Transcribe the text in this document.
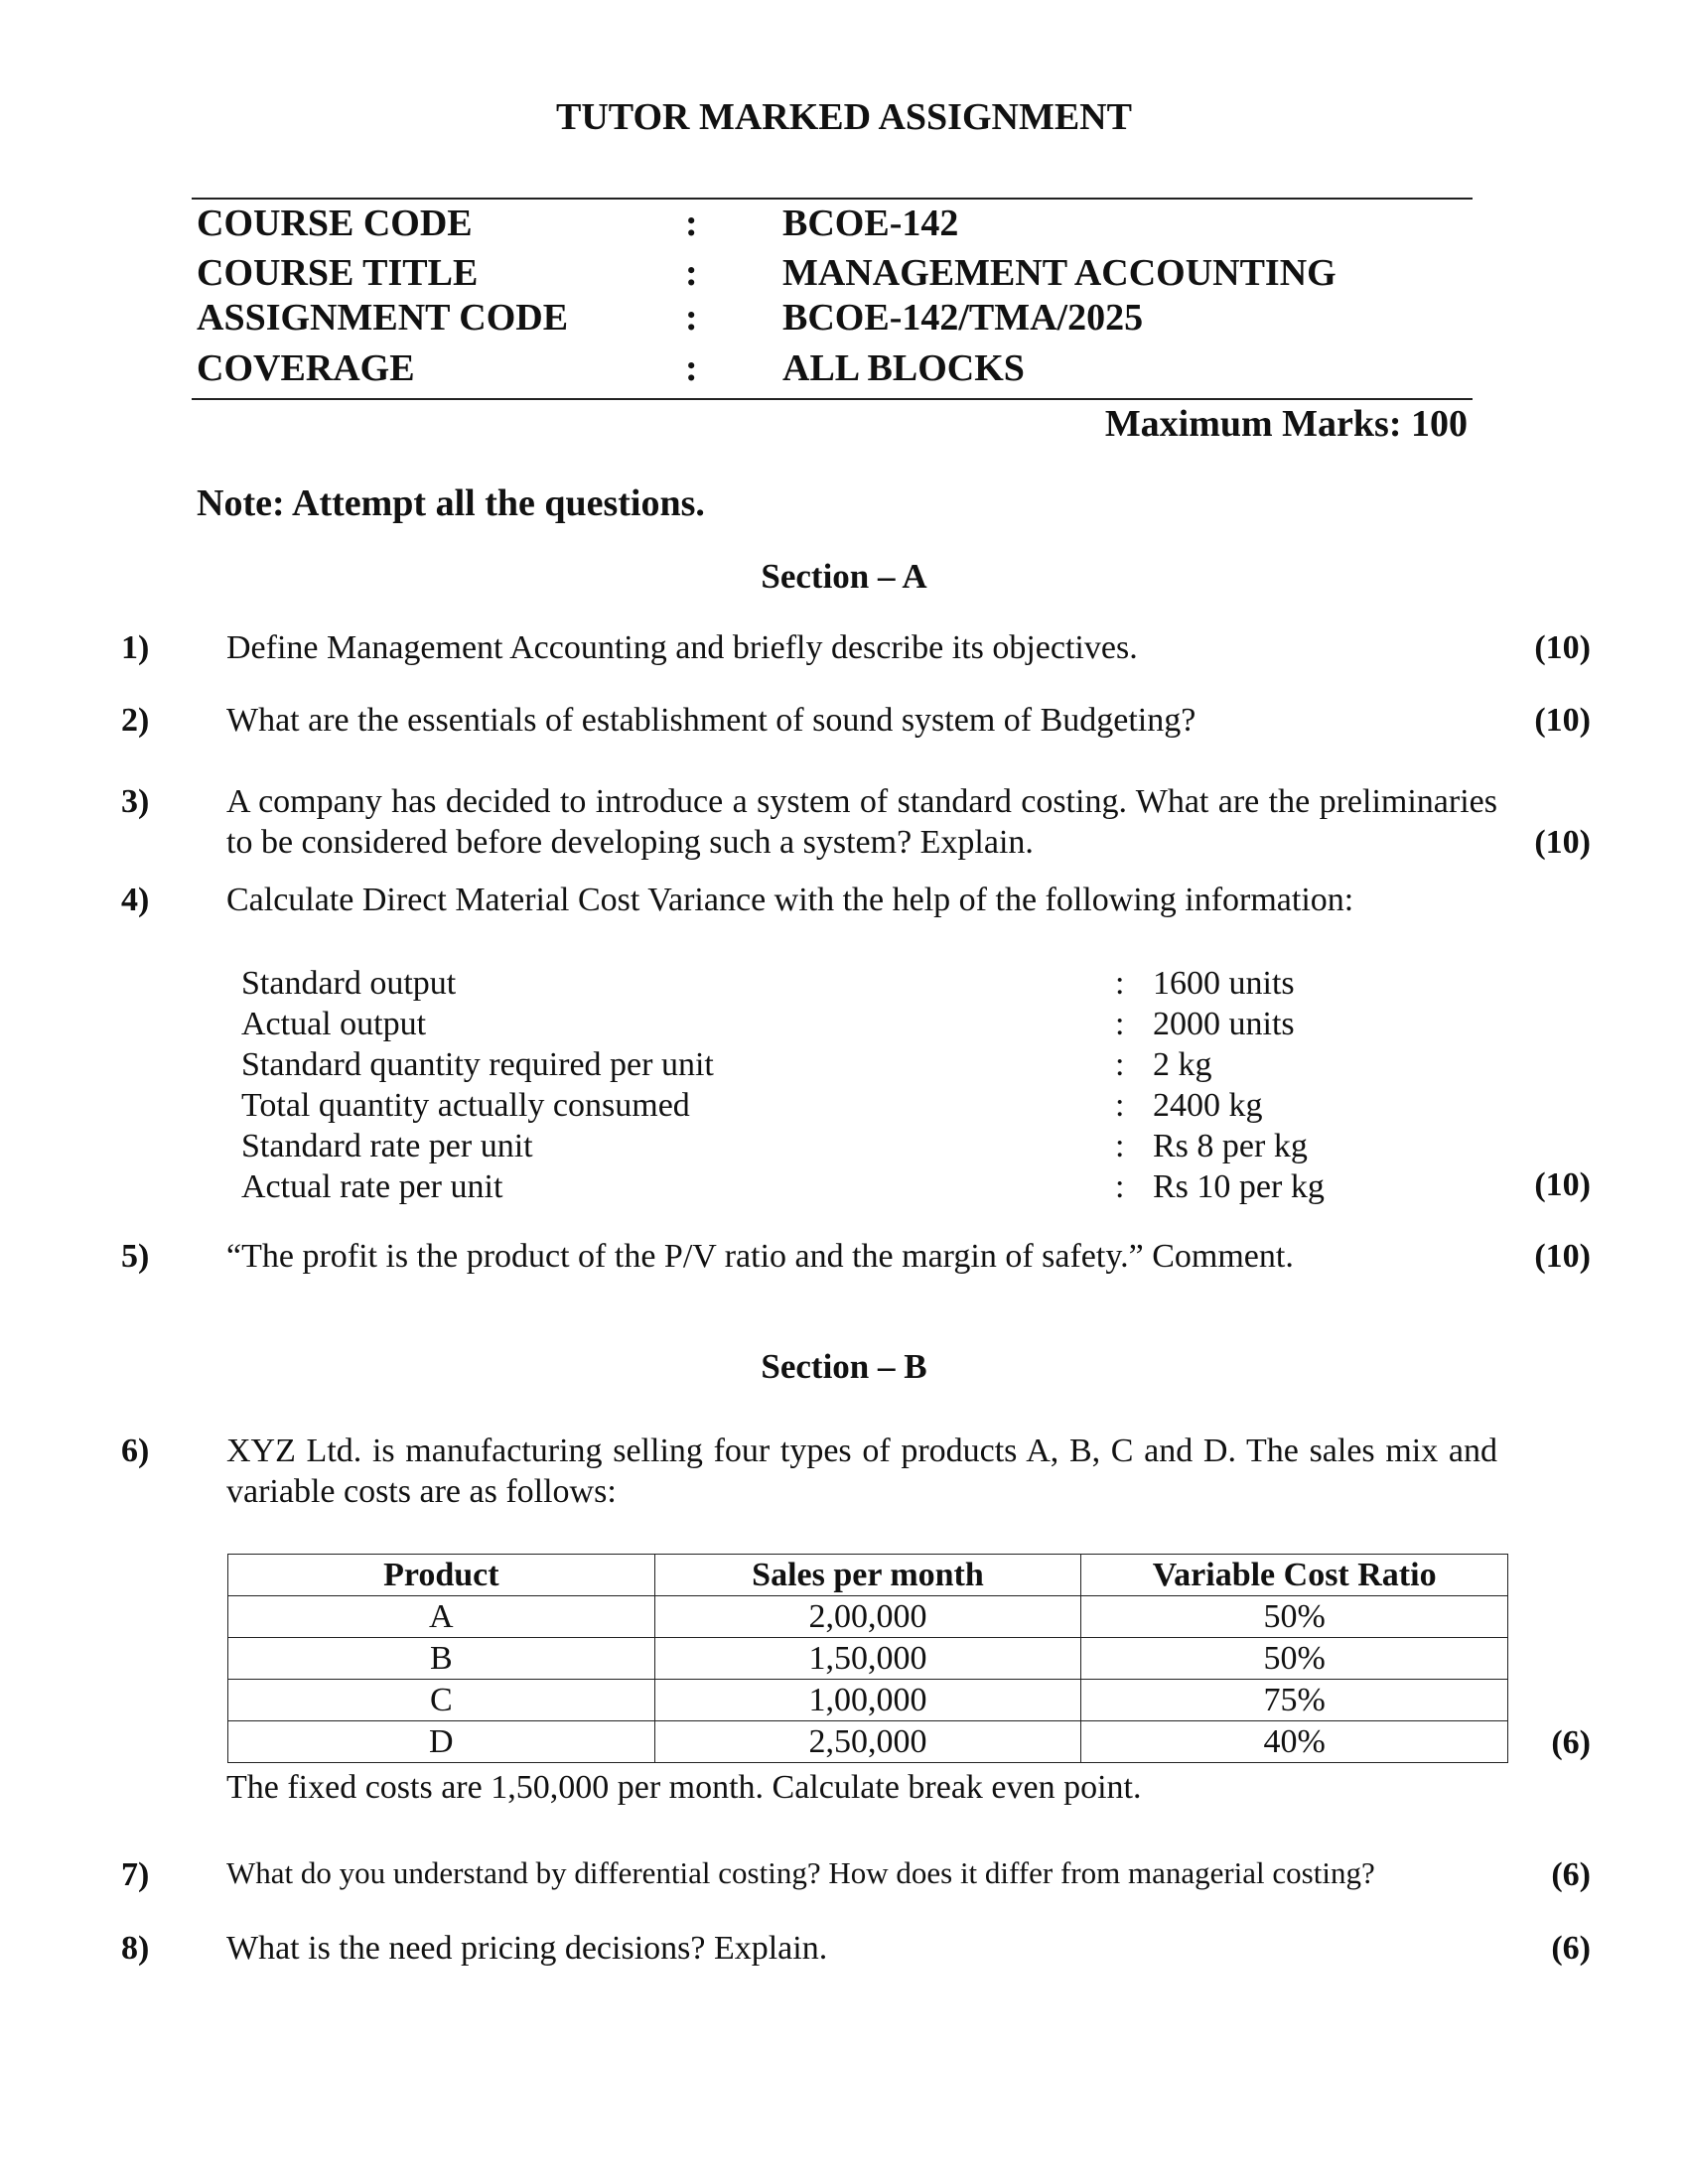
TUTOR MARKED ASSIGNMENT
COURSE CODE	: BCOE-142
COURSE TITLE	: MANAGEMENT ACCOUNTING
ASSIGNMENT CODE	: BCOE-142/TMA/2025
COVERAGE	: ALL BLOCKS
Maximum Marks: 100
Note: Attempt all the questions.
Section – A
1) Define Management Accounting and briefly describe its objectives.	(10)
2) What are the essentials of establishment of sound system of Budgeting?	(10)
3) A company has decided to introduce a system of standard costing. What are the preliminaries to be considered before developing such a system? Explain.	(10)
4) Calculate Direct Material Cost Variance with the help of the following information:
Standard output	: 1600 units
Actual output	: 2000 units
Standard quantity required per unit	: 2 kg
Total quantity actually consumed	: 2400 kg
Standard rate per unit	: Rs 8 per kg
Actual rate per unit	: Rs 10 per kg	(10)
5) “The profit is the product of the P/V ratio and the margin of safety.” Comment.	(10)
Section – B
6) XYZ Ltd. is manufacturing selling four types of products A, B, C and D. The sales mix and variable costs are as follows:
Product	Sales per month	Variable Cost Ratio
A	2,00,000	50%
B	1,50,000	50%
C	1,00,000	75%
D	2,50,000	40%	(6)
The fixed costs are 1,50,000 per month. Calculate break even point.
7)	What do you understand by differential costing? How does it differ from managerial costing?	(6)
8) What is the need pricing decisions? Explain.	(6)
